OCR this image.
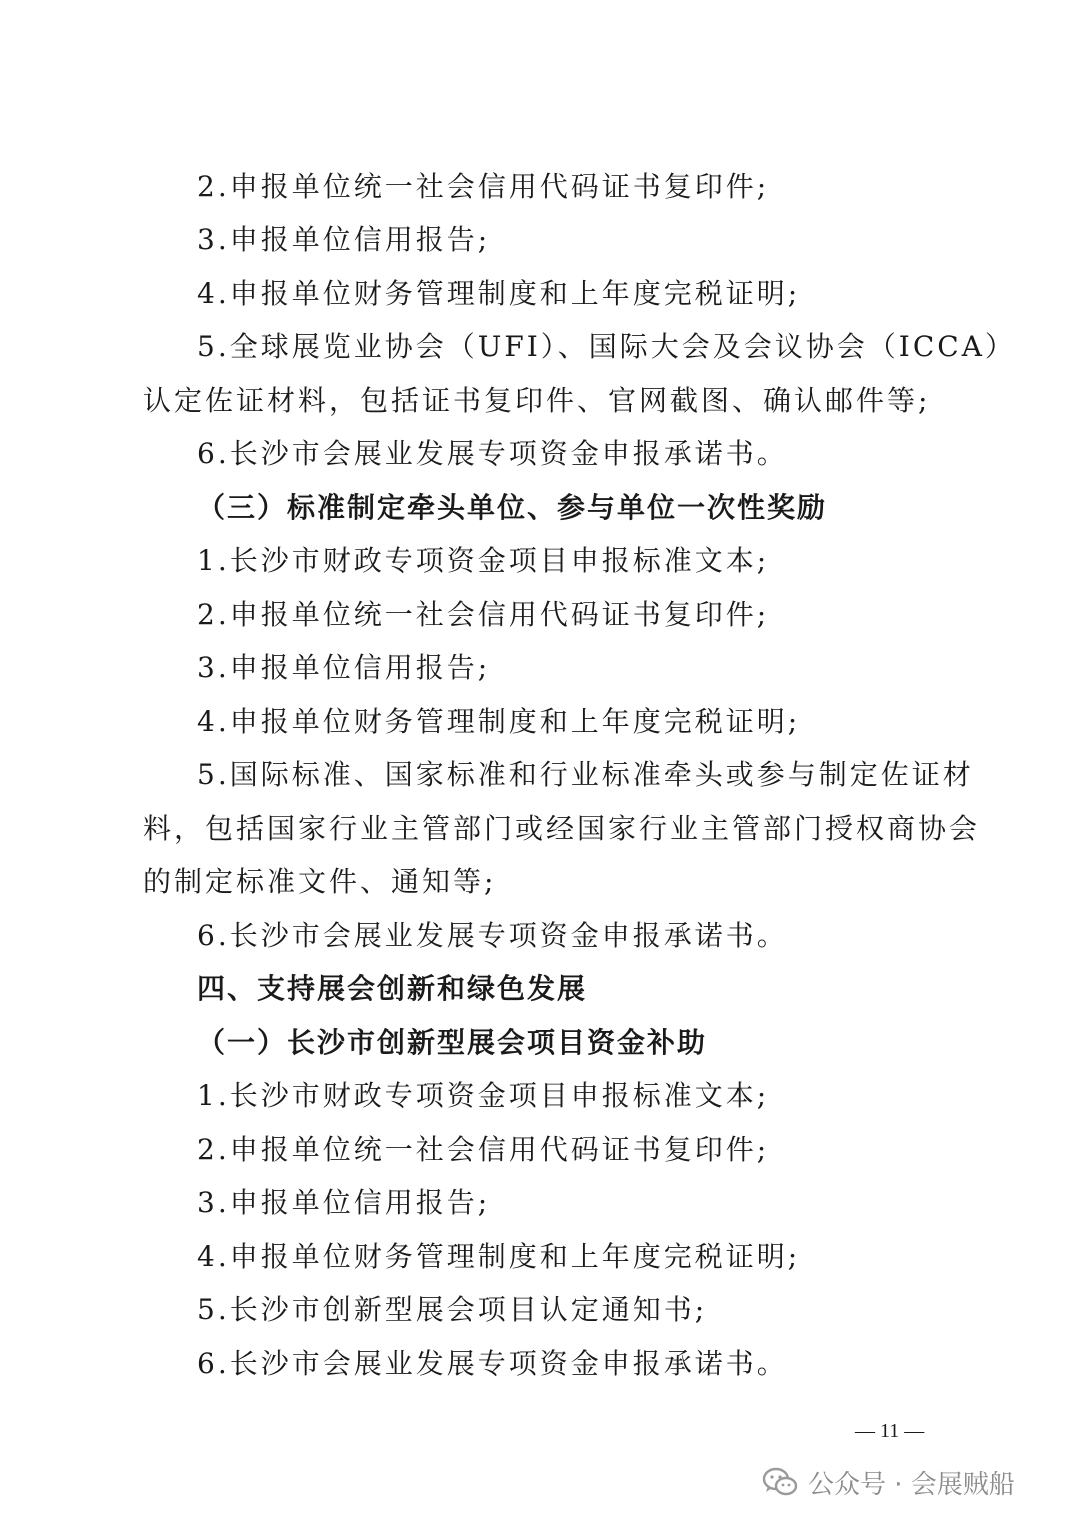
2.申报单位统一社会信用代码证书复印件;
3.申报单位信用报告;
4.申报单位财务管理制度和上年度完税证明;
5.全球展览业协会（UFI）、国际大会及会议协会（ICCA）
认定佐证材料，包括证书复印件、官网截图、确认邮件等;
6.长沙市会展业发展专项资金申报承诺书。
（三）标准制定牵头单位、参与单位一次性奖励
1.长沙市财政专项资金项目申报标准文本;
2.申报单位统一社会信用代码证书复印件;
3.申报单位信用报告;
4.申报单位财务管理制度和上年度完税证明;
5.国际标准、国家标准和行业标准牵头或参与制定佐证材
料，包括国家行业主管部门或经国家行业主管部门授权商协会
的制定标准文件、通知等;
6.长沙市会展业发展专项资金申报承诺书。
四、支持展会创新和绿色发展
（一）长沙市创新型展会项目资金补助
1.长沙市财政专项资金项目申报标准文本;
2.申报单位统一社会信用代码证书复印件;
3.申报单位信用报告;
4.申报单位财务管理制度和上年度完税证明;
5.长沙市创新型展会项目认定通知书;
6.长沙市会展业发展专项资金申报承诺书。
— 11 —
公众号 · 会展贼船
